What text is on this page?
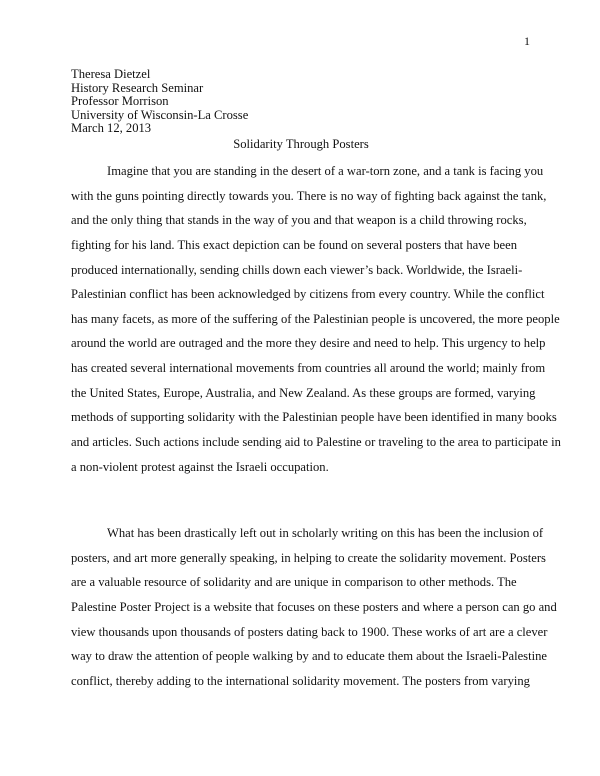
1
Theresa Dietzel
History Research Seminar
Professor Morrison
University of Wisconsin-La Crosse
March 12, 2013
Solidarity Through Posters
Imagine that you are standing in the desert of a war-torn zone, and a tank is facing you
with the guns pointing directly towards you. There is no way of fighting back against the tank,
and the only thing that stands in the way of you and that weapon is a child throwing rocks,
fighting for his land. This exact depiction can be found on several posters that have been
produced internationally, sending chills down each viewer’s back. Worldwide, the Israeli-
Palestinian conflict has been acknowledged by citizens from every country. While the conflict
has many facets, as more of the suffering of the Palestinian people is uncovered, the more people
around the world are outraged and the more they desire and need to help. This urgency to help
has created several international movements from countries all around the world; mainly from
the United States, Europe, Australia, and New Zealand. As these groups are formed, varying
methods of supporting solidarity with the Palestinian people have been identified in many books
and articles. Such actions include sending aid to Palestine or traveling to the area to participate in
a non-violent protest against the Israeli occupation.
What has been drastically left out in scholarly writing on this has been the inclusion of
posters, and art more generally speaking, in helping to create the solidarity movement. Posters
are a valuable resource of solidarity and are unique in comparison to other methods. The
Palestine Poster Project is a website that focuses on these posters and where a person can go and
view thousands upon thousands of posters dating back to 1900. These works of art are a clever
way to draw the attention of people walking by and to educate them about the Israeli-Palestine
conflict, thereby adding to the international solidarity movement. The posters from varying
